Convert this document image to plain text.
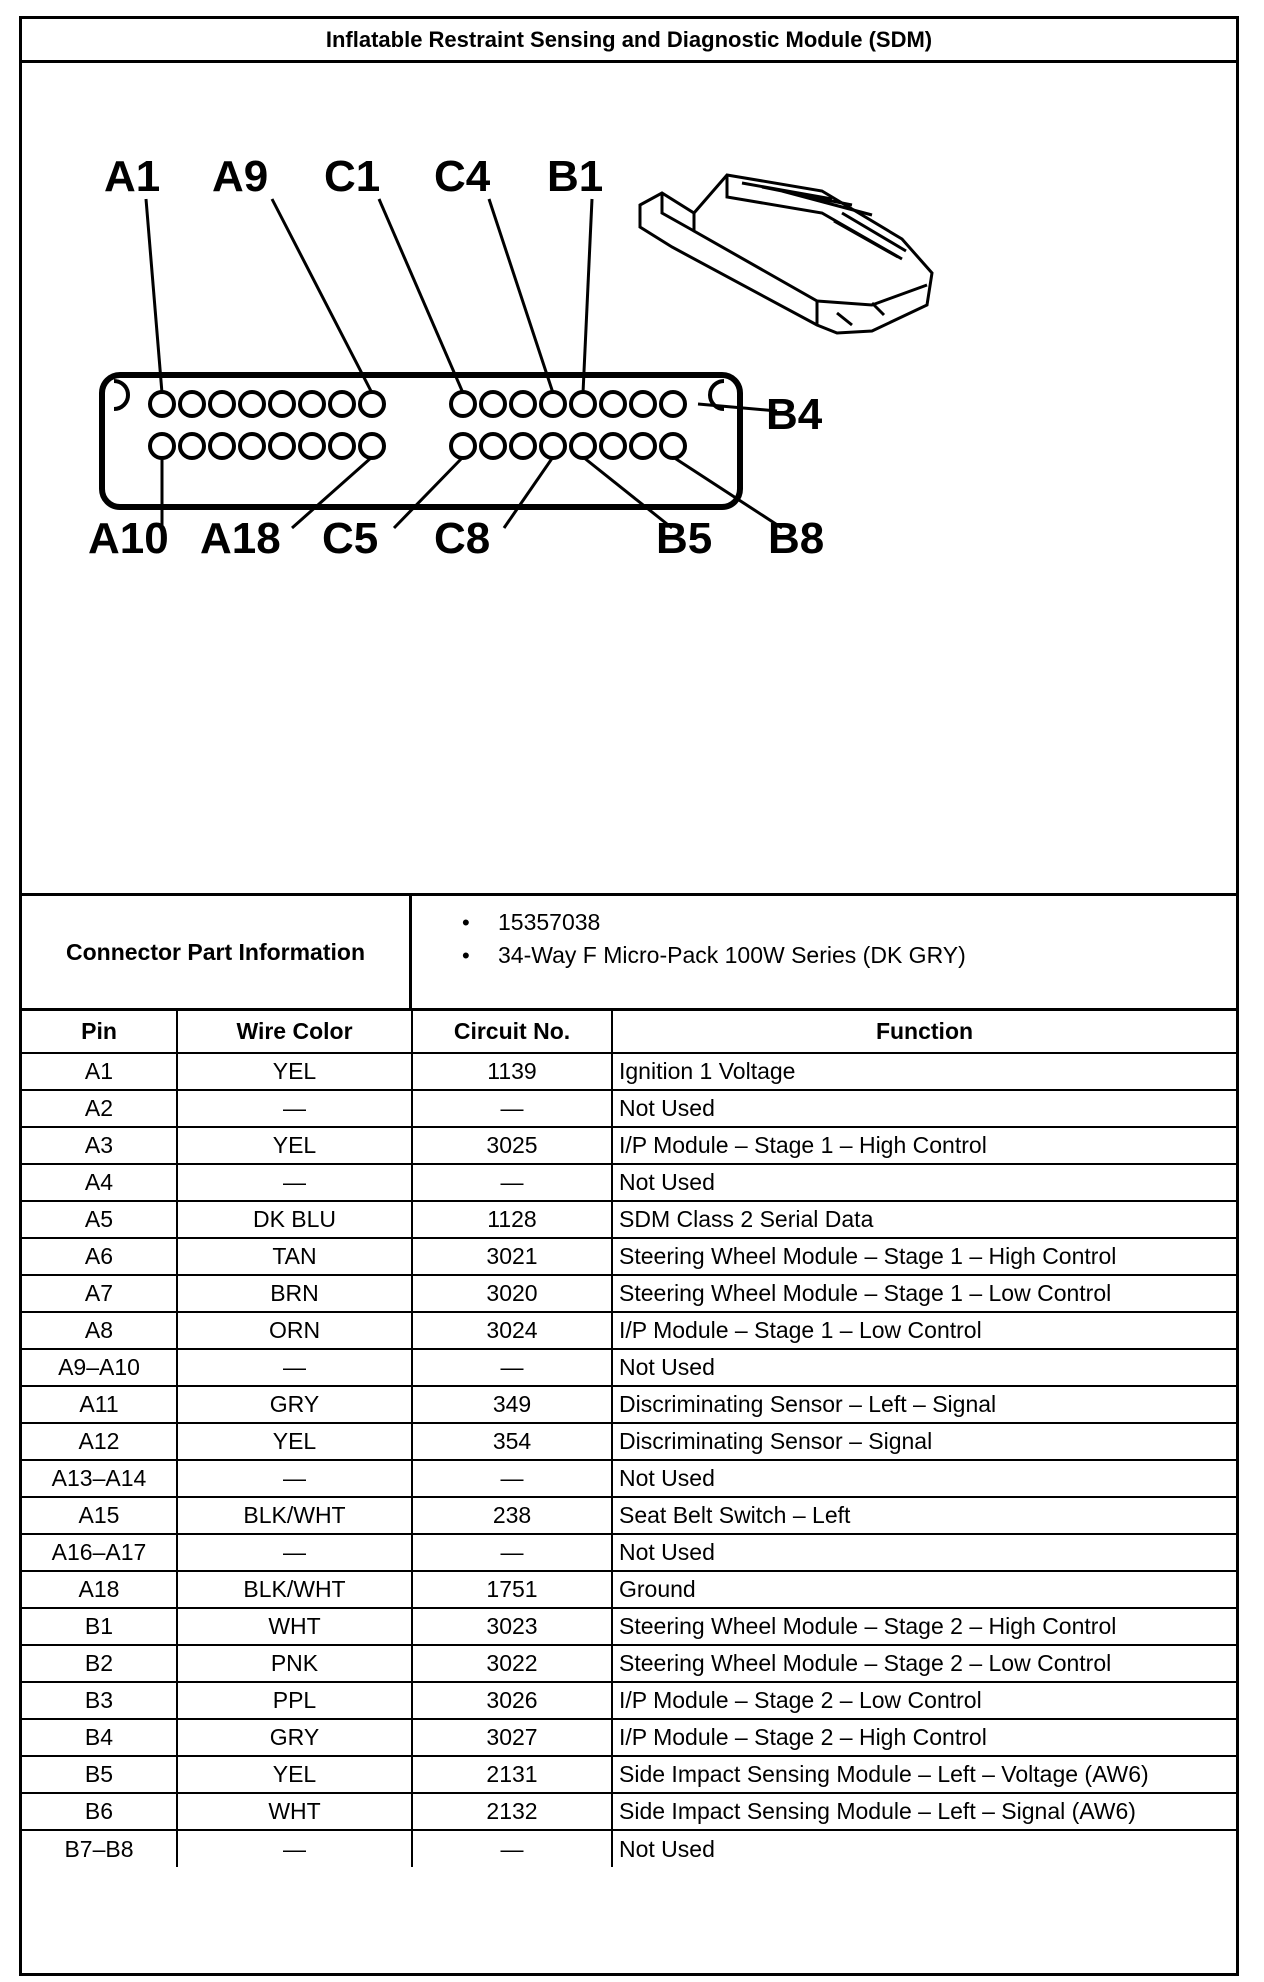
Inflatable Restraint Sensing and Diagnostic Module (SDM)
A1 A9 C1 C4 B1
A10 A18 C5 C8	B5 B8
B4
Connector Part Information
• 15357038
• 34-Way F Micro-Pack 100W Series (DK GRY)
Pin	Wire Color	Circuit No.	Function
A1	YEL	1139	Ignition 1 Voltage
A2	—	—	Not Used
A3	YEL	3025	I/P Module – Stage 1 – High Control
A4	—	—	Not Used
A5	DK BLU	1128	SDM Class 2 Serial Data
A6	TAN	3021	Steering Wheel Module – Stage 1 – High Control
A7	BRN	3020	Steering Wheel Module – Stage 1 – Low Control
A8	ORN	3024	I/P Module – Stage 1 – Low Control
A9–A10	—	—	Not Used
A11	GRY	349	Discriminating Sensor – Left – Signal
A12	YEL	354	Discriminating Sensor – Signal
A13–A14	—	—	Not Used
A15	BLK/WHT	238	Seat Belt Switch – Left
A16–A17	—	—	Not Used
A18	BLK/WHT	1751	Ground
B1	WHT	3023	Steering Wheel Module – Stage 2 – High Control
B2	PNK	3022	Steering Wheel Module – Stage 2 – Low Control
B3	PPL	3026	I/P Module – Stage 2 – Low Control
B4	GRY	3027	I/P Module – Stage 2 – High Control
B5	YEL	2131	Side Impact Sensing Module – Left – Voltage (AW6)
B6	WHT	2132	Side Impact Sensing Module – Left – Signal (AW6)
B7–B8	—	—	Not Used
